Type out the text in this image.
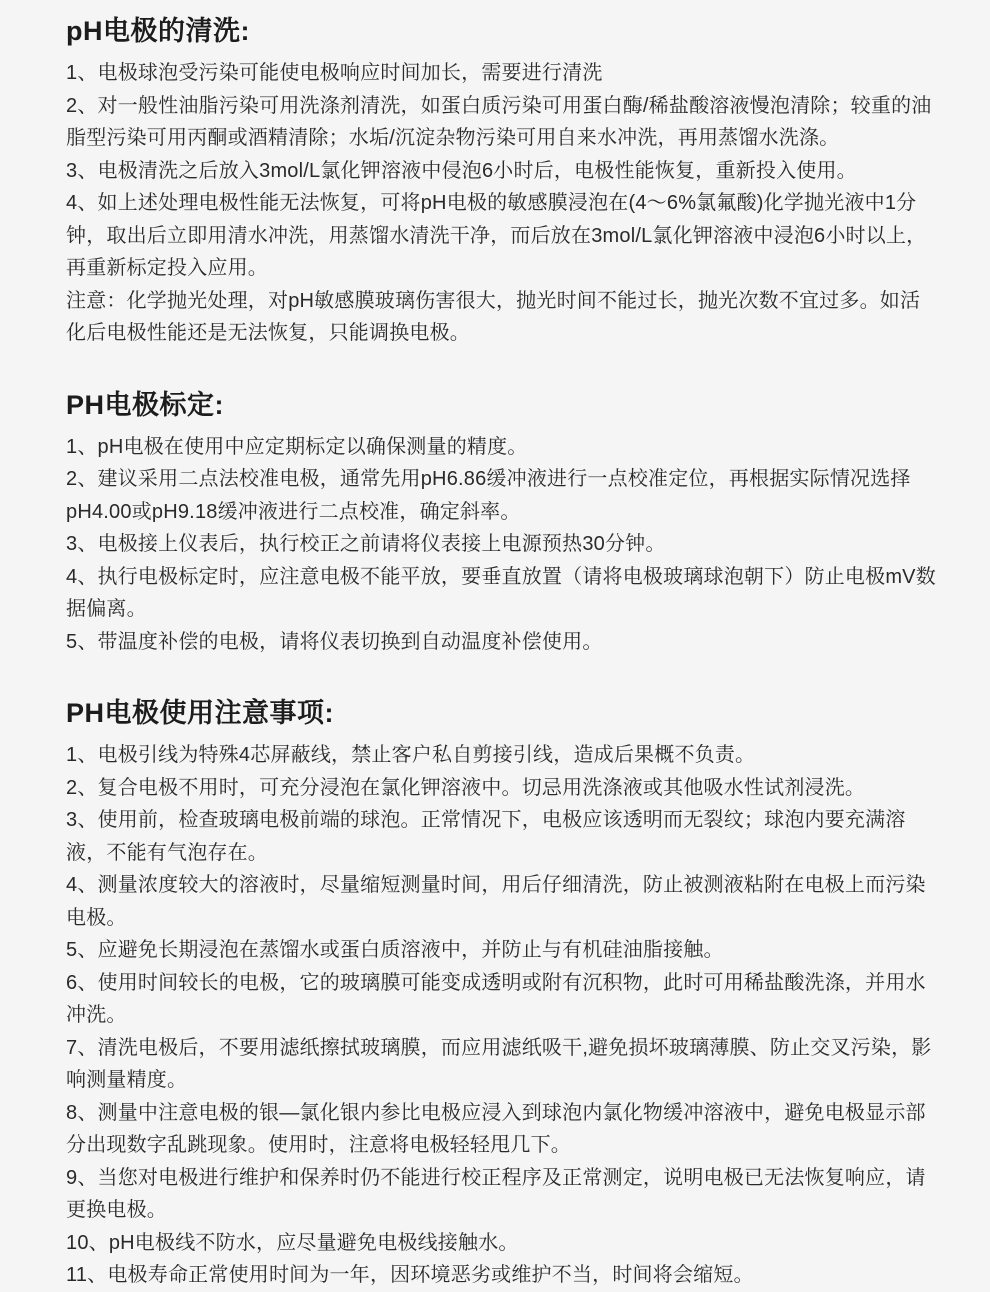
pH电极的清洗:

1、电极球泡受污染可能使电极响应时间加长，需要进行清洗

2、对一般性油脂污染可用洗涤剂清洗，如蛋白质污染可用蛋白酶/稀盐酸溶液慢泡清除；较重的油脂型污染可用丙酮或酒精清除；水垢/沉淀杂物污染可用自来水冲洗，再用蒸馏水洗涤。

3、电极清洗之后放入3mol/L氯化钾溶液中侵泡6小时后，电极性能恢复，重新投入使用。

4、如上述处理电极性能无法恢复，可将pH电极的敏感膜浸泡在(4～6%氯氟酸)化学抛光液中1分钟，取出后立即用清水冲洗，用蒸馏水清洗干净，而后放在3mol/L氯化钾溶液中浸泡6小时以上，再重新标定投入应用。

注意：化学抛光处理，对pH敏感膜玻璃伤害很大，抛光时间不能过长，抛光次数不宜过多。如活化后电极性能还是无法恢复，只能调换电极。

PH电极标定:

1、pH电极在使用中应定期标定以确保测量的精度。

2、建议采用二点法校准电极，通常先用pH6.86缓冲液进行一点校准定位，再根据实际情况选择pH4.00或pH9.18缓冲液进行二点校准，确定斜率。

3、电极接上仪表后，执行校正之前请将仪表接上电源预热30分钟。

4、执行电极标定时，应注意电极不能平放，要垂直放置（请将电极玻璃球泡朝下）防止电极mV数据偏离。

5、带温度补偿的电极，请将仪表切换到自动温度补偿使用。

PH电极使用注意事项:

1、电极引线为特殊4芯屏蔽线，禁止客户私自剪接引线，造成后果概不负责。

2、复合电极不用时，可充分浸泡在氯化钾溶液中。切忌用洗涤液或其他吸水性试剂浸洗。

3、使用前，检查玻璃电极前端的球泡。正常情况下，电极应该透明而无裂纹；球泡内要充满溶液，不能有气泡存在。

4、测量浓度较大的溶液时，尽量缩短测量时间，用后仔细清洗，防止被测液粘附在电极上而污染电极。

5、应避免长期浸泡在蒸馏水或蛋白质溶液中，并防止与有机硅油脂接触。

6、使用时间较长的电极，它的玻璃膜可能变成透明或附有沉积物，此时可用稀盐酸洗涤，并用水冲洗。

7、清洗电极后，不要用滤纸擦拭玻璃膜，而应用滤纸吸干,避免损坏玻璃薄膜、防止交叉污染，影响测量精度。

8、测量中注意电极的银—氯化银内参比电极应浸入到球泡内氯化物缓冲溶液中，避免电极显示部分出现数字乱跳现象。使用时，注意将电极轻轻甩几下。

9、当您对电极进行维护和保养时仍不能进行校正程序及正常测定，说明电极已无法恢复响应，请更换电极。

10、pH电极线不防水，应尽量避免电极线接触水。

11、电极寿命正常使用时间为一年，因环境恶劣或维护不当，时间将会缩短。
